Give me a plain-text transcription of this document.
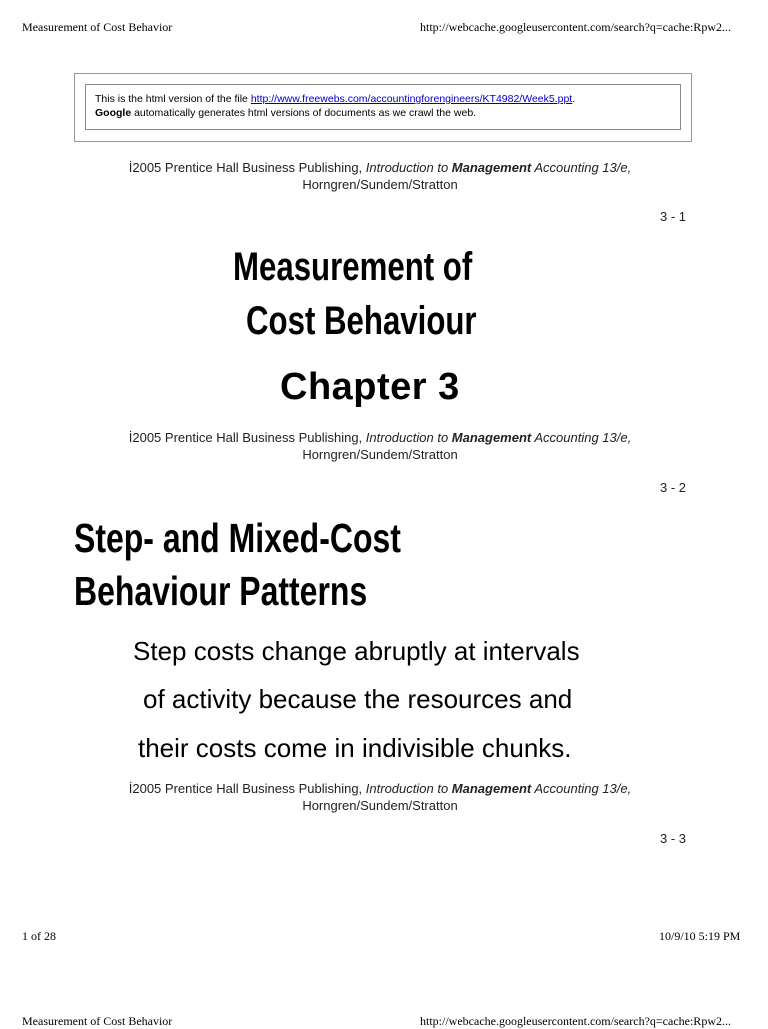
Measurement of Cost Behavior	http://webcache.googleusercontent.com/search?q=cache:Rpw2...
This is the html version of the file http://www.freewebs.com/accountingforengineers/KT4982/Week5.ppt.
Google automatically generates html versions of documents as we crawl the web.
İ2005 Prentice Hall Business Publishing, Introduction to Management Accounting 13/e,
Horngren/Sundem/Stratton
3 - 1
Measurement of
Cost Behaviour
Chapter 3
İ2005 Prentice Hall Business Publishing, Introduction to Management Accounting 13/e,
Horngren/Sundem/Stratton
3 - 2
Step- and Mixed-Cost
Behaviour Patterns
Step costs change abruptly at intervals
of activity because the resources and
their costs come in indivisible chunks.
İ2005 Prentice Hall Business Publishing, Introduction to Management Accounting 13/e,
Horngren/Sundem/Stratton
3 - 3
1 of 28	10/9/10 5:19 PM
Measurement of Cost Behavior	http://webcache.googleusercontent.com/search?q=cache:Rpw2...
